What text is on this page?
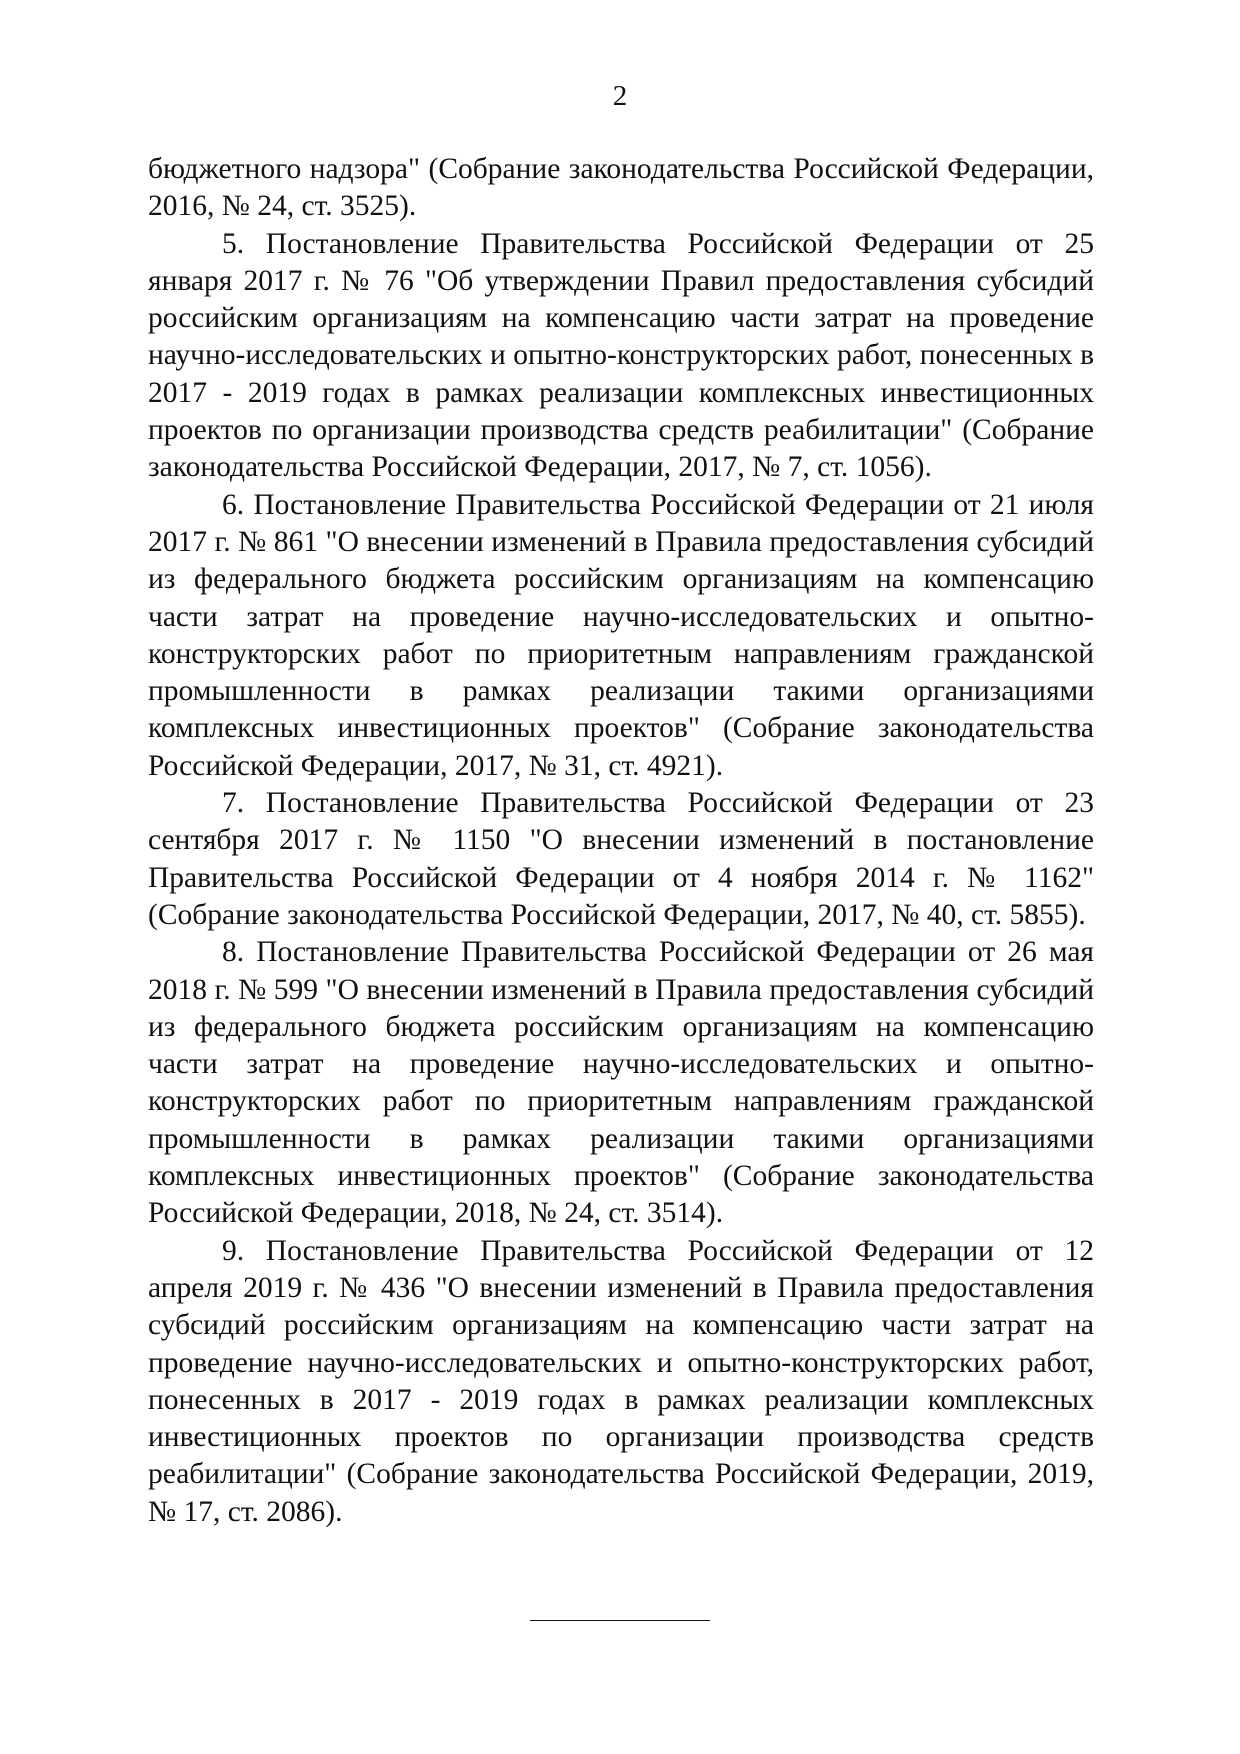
2

бюджетного надзора" (Собрание законодательства Российской Федерации, 2016, № 24, ст. 3525).

5. Постановление Правительства Российской Федерации от 25 января 2017 г. № 76 "Об утверждении Правил предоставления субсидий российским организациям на компенсацию части затрат на проведение научно-исследовательских и опытно-конструкторских работ, понесенных в 2017 - 2019 годах в рамках реализации комплексных инвестиционных проектов по организации производства средств реабилитации" (Собрание законодательства Российской Федерации, 2017, № 7, ст. 1056).

6. Постановление Правительства Российской Федерации от 21 июля 2017 г. № 861 "О внесении изменений в Правила предоставления субсидий из федерального бюджета российским организациям на компенсацию части затрат на проведение научно-исследовательских и опытно-конструкторских работ по приоритетным направлениям гражданской промышленности в рамках реализации такими организациями комплексных инвестиционных проектов" (Собрание законодательства Российской Федерации, 2017, № 31, ст. 4921).

7. Постановление Правительства Российской Федерации от 23 сентября 2017 г. № 1150 "О внесении изменений в постановление Правительства Российской Федерации от 4 ноября 2014 г. № 1162" (Собрание законодательства Российской Федерации, 2017, № 40, ст. 5855).

8. Постановление Правительства Российской Федерации от 26 мая 2018 г. № 599 "О внесении изменений в Правила предоставления субсидий из федерального бюджета российским организациям на компенсацию части затрат на проведение научно-исследовательских и опытно-конструкторских работ по приоритетным направлениям гражданской промышленности в рамках реализации такими организациями комплексных инвестиционных проектов" (Собрание законодательства Российской Федерации, 2018, № 24, ст. 3514).

9. Постановление Правительства Российской Федерации от 12 апреля 2019 г. № 436 "О внесении изменений в Правила предоставления субсидий российским организациям на компенсацию части затрат на проведение научно-исследовательских и опытно-конструкторских работ, понесенных в 2017 - 2019 годах в рамках реализации комплексных инвестиционных проектов по организации производства средств реабилитации" (Собрание законодательства Российской Федерации, 2019, № 17, ст. 2086).
